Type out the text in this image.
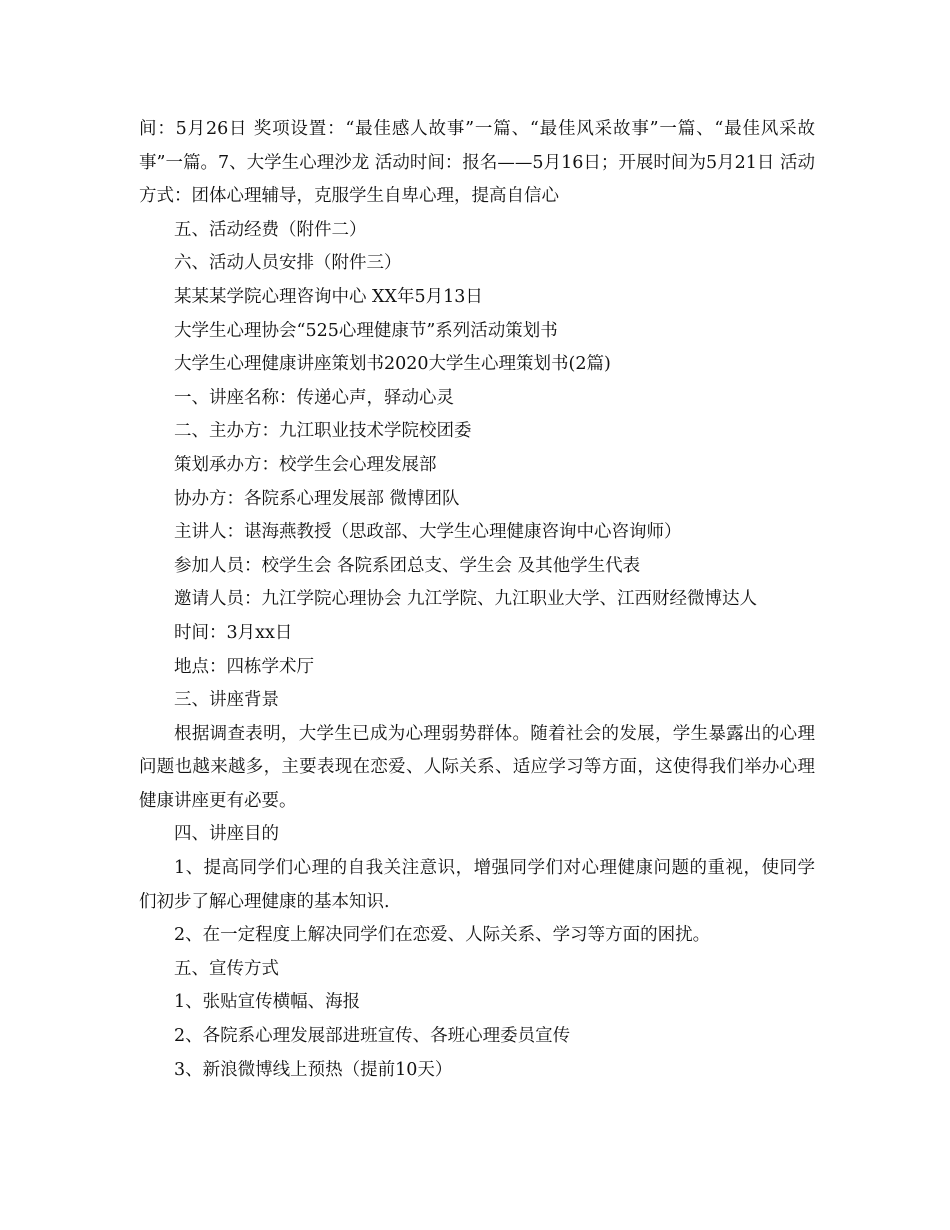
间：5月26日 奖项设置：“最佳感人故事”一篇、“最佳风采故事”一篇、“最佳风采故事”一篇。7、大学生心理沙龙 活动时间：报名——5月16日；开展时间为5月21日 活动方式：团体心理辅导，克服学生自卑心理，提高自信心

五、活动经费（附件二）

六、活动人员安排（附件三）

某某某学院心理咨询中心 XX年5月13日

大学生心理协会“525心理健康节”系列活动策划书

大学生心理健康讲座策划书2020大学生心理策划书(2篇)

一、讲座名称：传递心声，驿动心灵

二、主办方：九江职业技术学院校团委

策划承办方：校学生会心理发展部

协办方：各院系心理发展部 微博团队

主讲人：谌海燕教授（思政部、大学生心理健康咨询中心咨询师）

参加人员：校学生会 各院系团总支、学生会 及其他学生代表

邀请人员：九江学院心理协会 九江学院、九江职业大学、江西财经微博达人

时间：3月xx日

地点：四栋学术厅

三、讲座背景

根据调查表明，大学生已成为心理弱势群体。随着社会的发展，学生暴露出的心理问题也越来越多，主要表现在恋爱、人际关系、适应学习等方面，这使得我们举办心理健康讲座更有必要。

四、讲座目的

1、提高同学们心理的自我关注意识，增强同学们对心理健康问题的重视，使同学们初步了解心理健康的基本知识.

2、在一定程度上解决同学们在恋爱、人际关系、学习等方面的困扰。

五、宣传方式

1、张贴宣传横幅、海报

2、各院系心理发展部进班宣传、各班心理委员宣传

3、新浪微博线上预热（提前10天）
